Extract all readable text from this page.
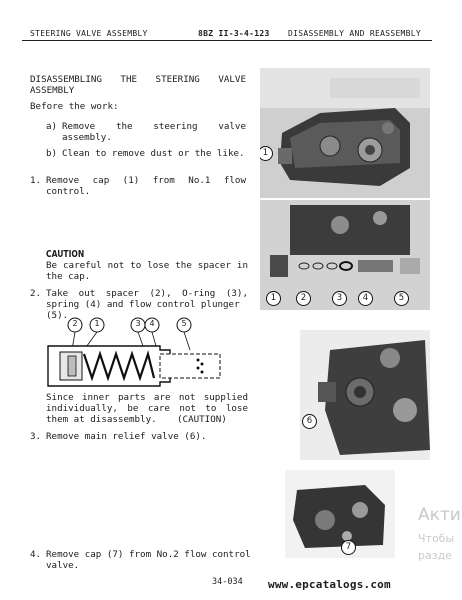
STEERING VALVE ASSEMBLY	8BZ II-3-4-123 DISASSEMBLY AND REASSEMBLY
DISASSEMBLING THE STEERING VALVE
ASSEMBLY
Before the work:
a) Remove the steering valve
assembly.
b) Clean to remove dust or the like.
1. Remove cap (1) from No.1 flow
control.
CAUTION
Be careful not to lose the spacer in
the cap.
2. Take out spacer (2), O-ring (3),
spring (4) and flow control plunger
(5).
2	1	3	4	5
Since inner parts are not supplied
individually, be care not to lose
them at disassembly. (CAUTION)
3. Remove main relief valve (6).
4. Remove cap (7) from No.2 flow control
valve.
1
1	2	3	4	5
6
7
Акти
Чтобы
разде
34-034 www.epcatalogs.com
